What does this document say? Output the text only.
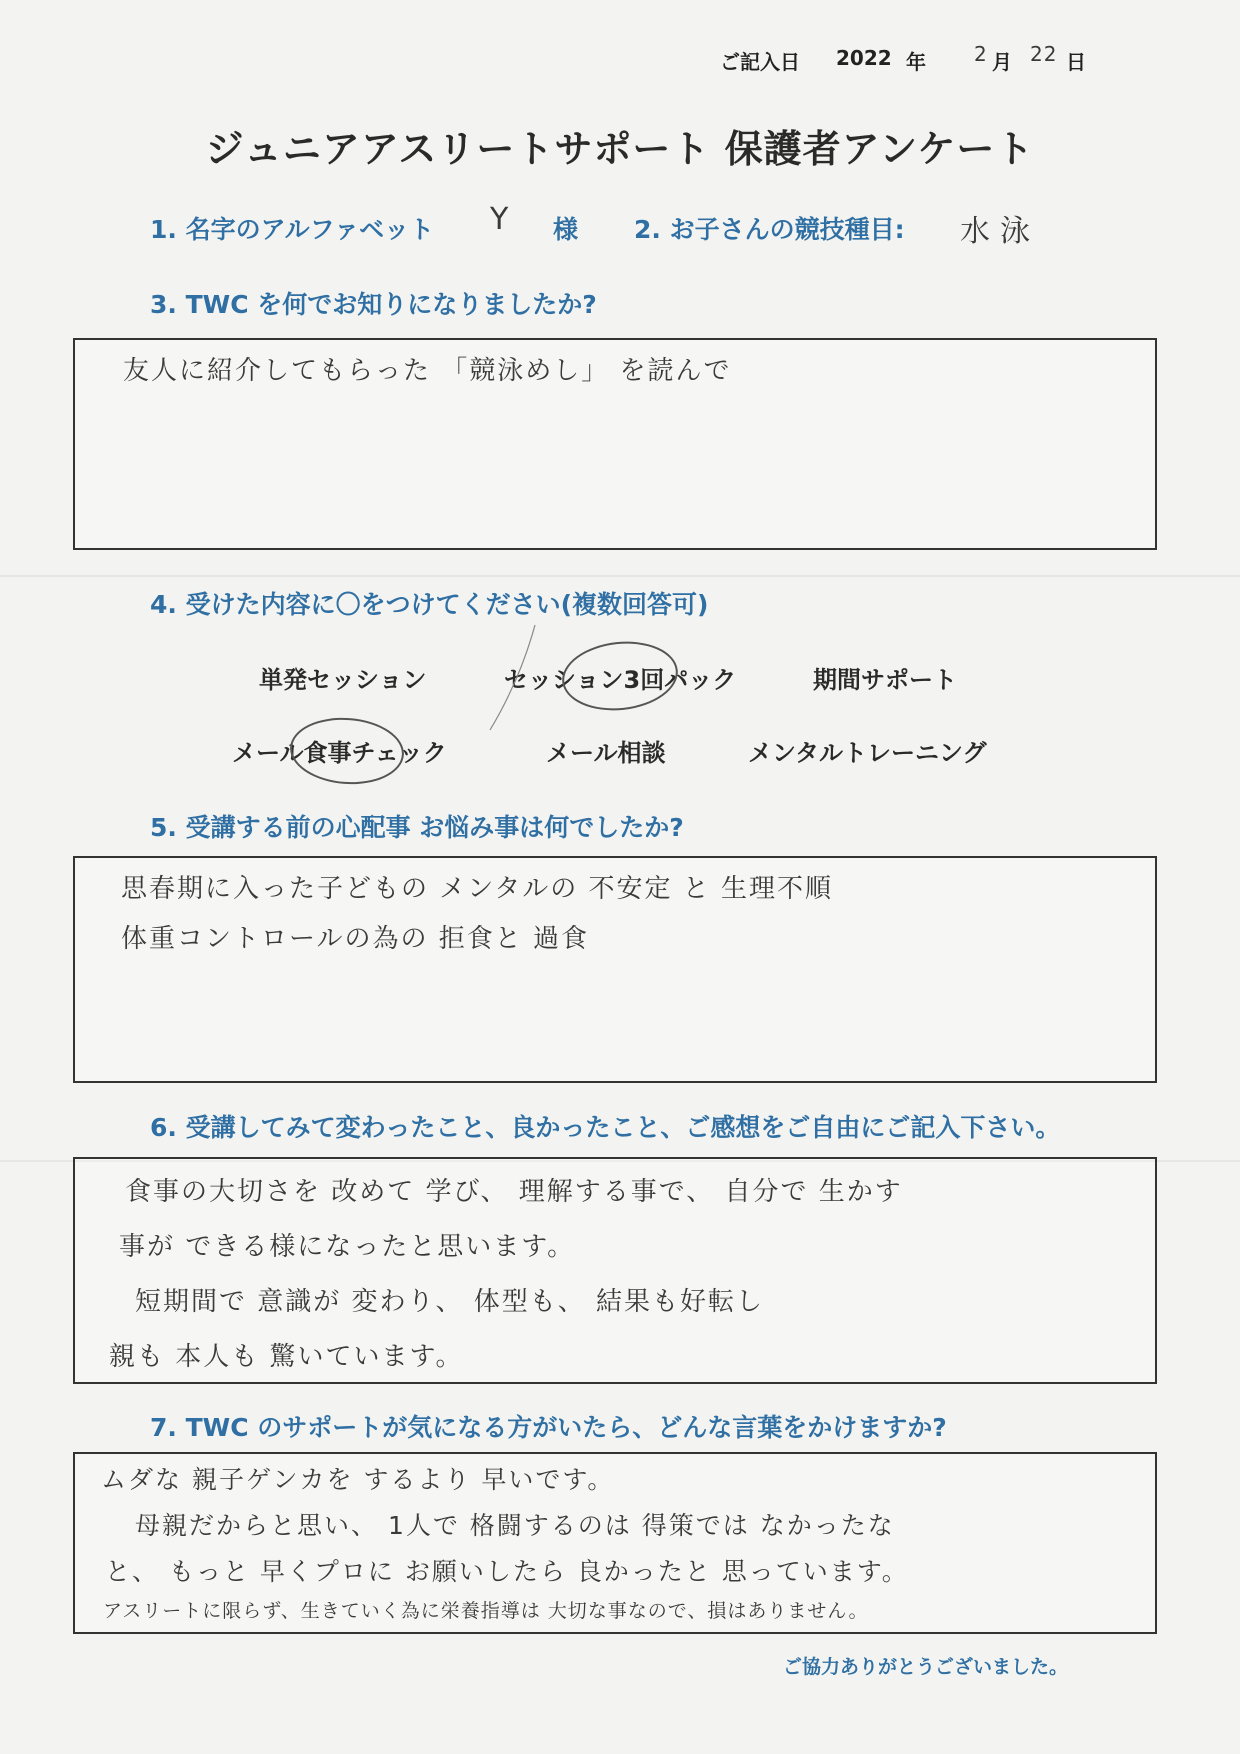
ご記入日 2022 年 2 月 22 日
ジュニアアスリートサポート 保護者アンケート
1. 名字のアルファベット Y 様 2. お子さんの競技種目: 水泳
3. TWC を何でお知りになりましたか?
友人に紹介してもらった 「競泳めし」 を読んで
4. 受けた内容に〇をつけてください(複数回答可)
単発セッション	セッション3回パック	期間サポート
メール食事チェック	メール相談	メンタルトレーニング
5. 受講する前の心配事 お悩み事は何でしたか?
思春期に入った子どもの メンタルの 不安定 と 生理不順
体重コントロールの為の 拒食と 過食
6. 受講してみて変わったこと、良かったこと、ご感想をご自由にご記入下さい。
食事の大切さを 改めて 学び、 理解する事で、 自分で 生かす
事が できる様になったと思います。
短期間で 意識が 変わり、 体型も、 結果も好転し
親も 本人も 驚いています。
7. TWC のサポートが気になる方がいたら、どんな言葉をかけますか?
ムダな 親子ゲンカを するより 早いです。
母親だからと思い、 1人で 格闘するのは 得策では なかったな
と、 もっと 早くプロに お願いしたら 良かったと 思っています。
アスリートに限らず、生きていく為に栄養指導は 大切な事なので、損はありません。
ご協力ありがとうございました。
